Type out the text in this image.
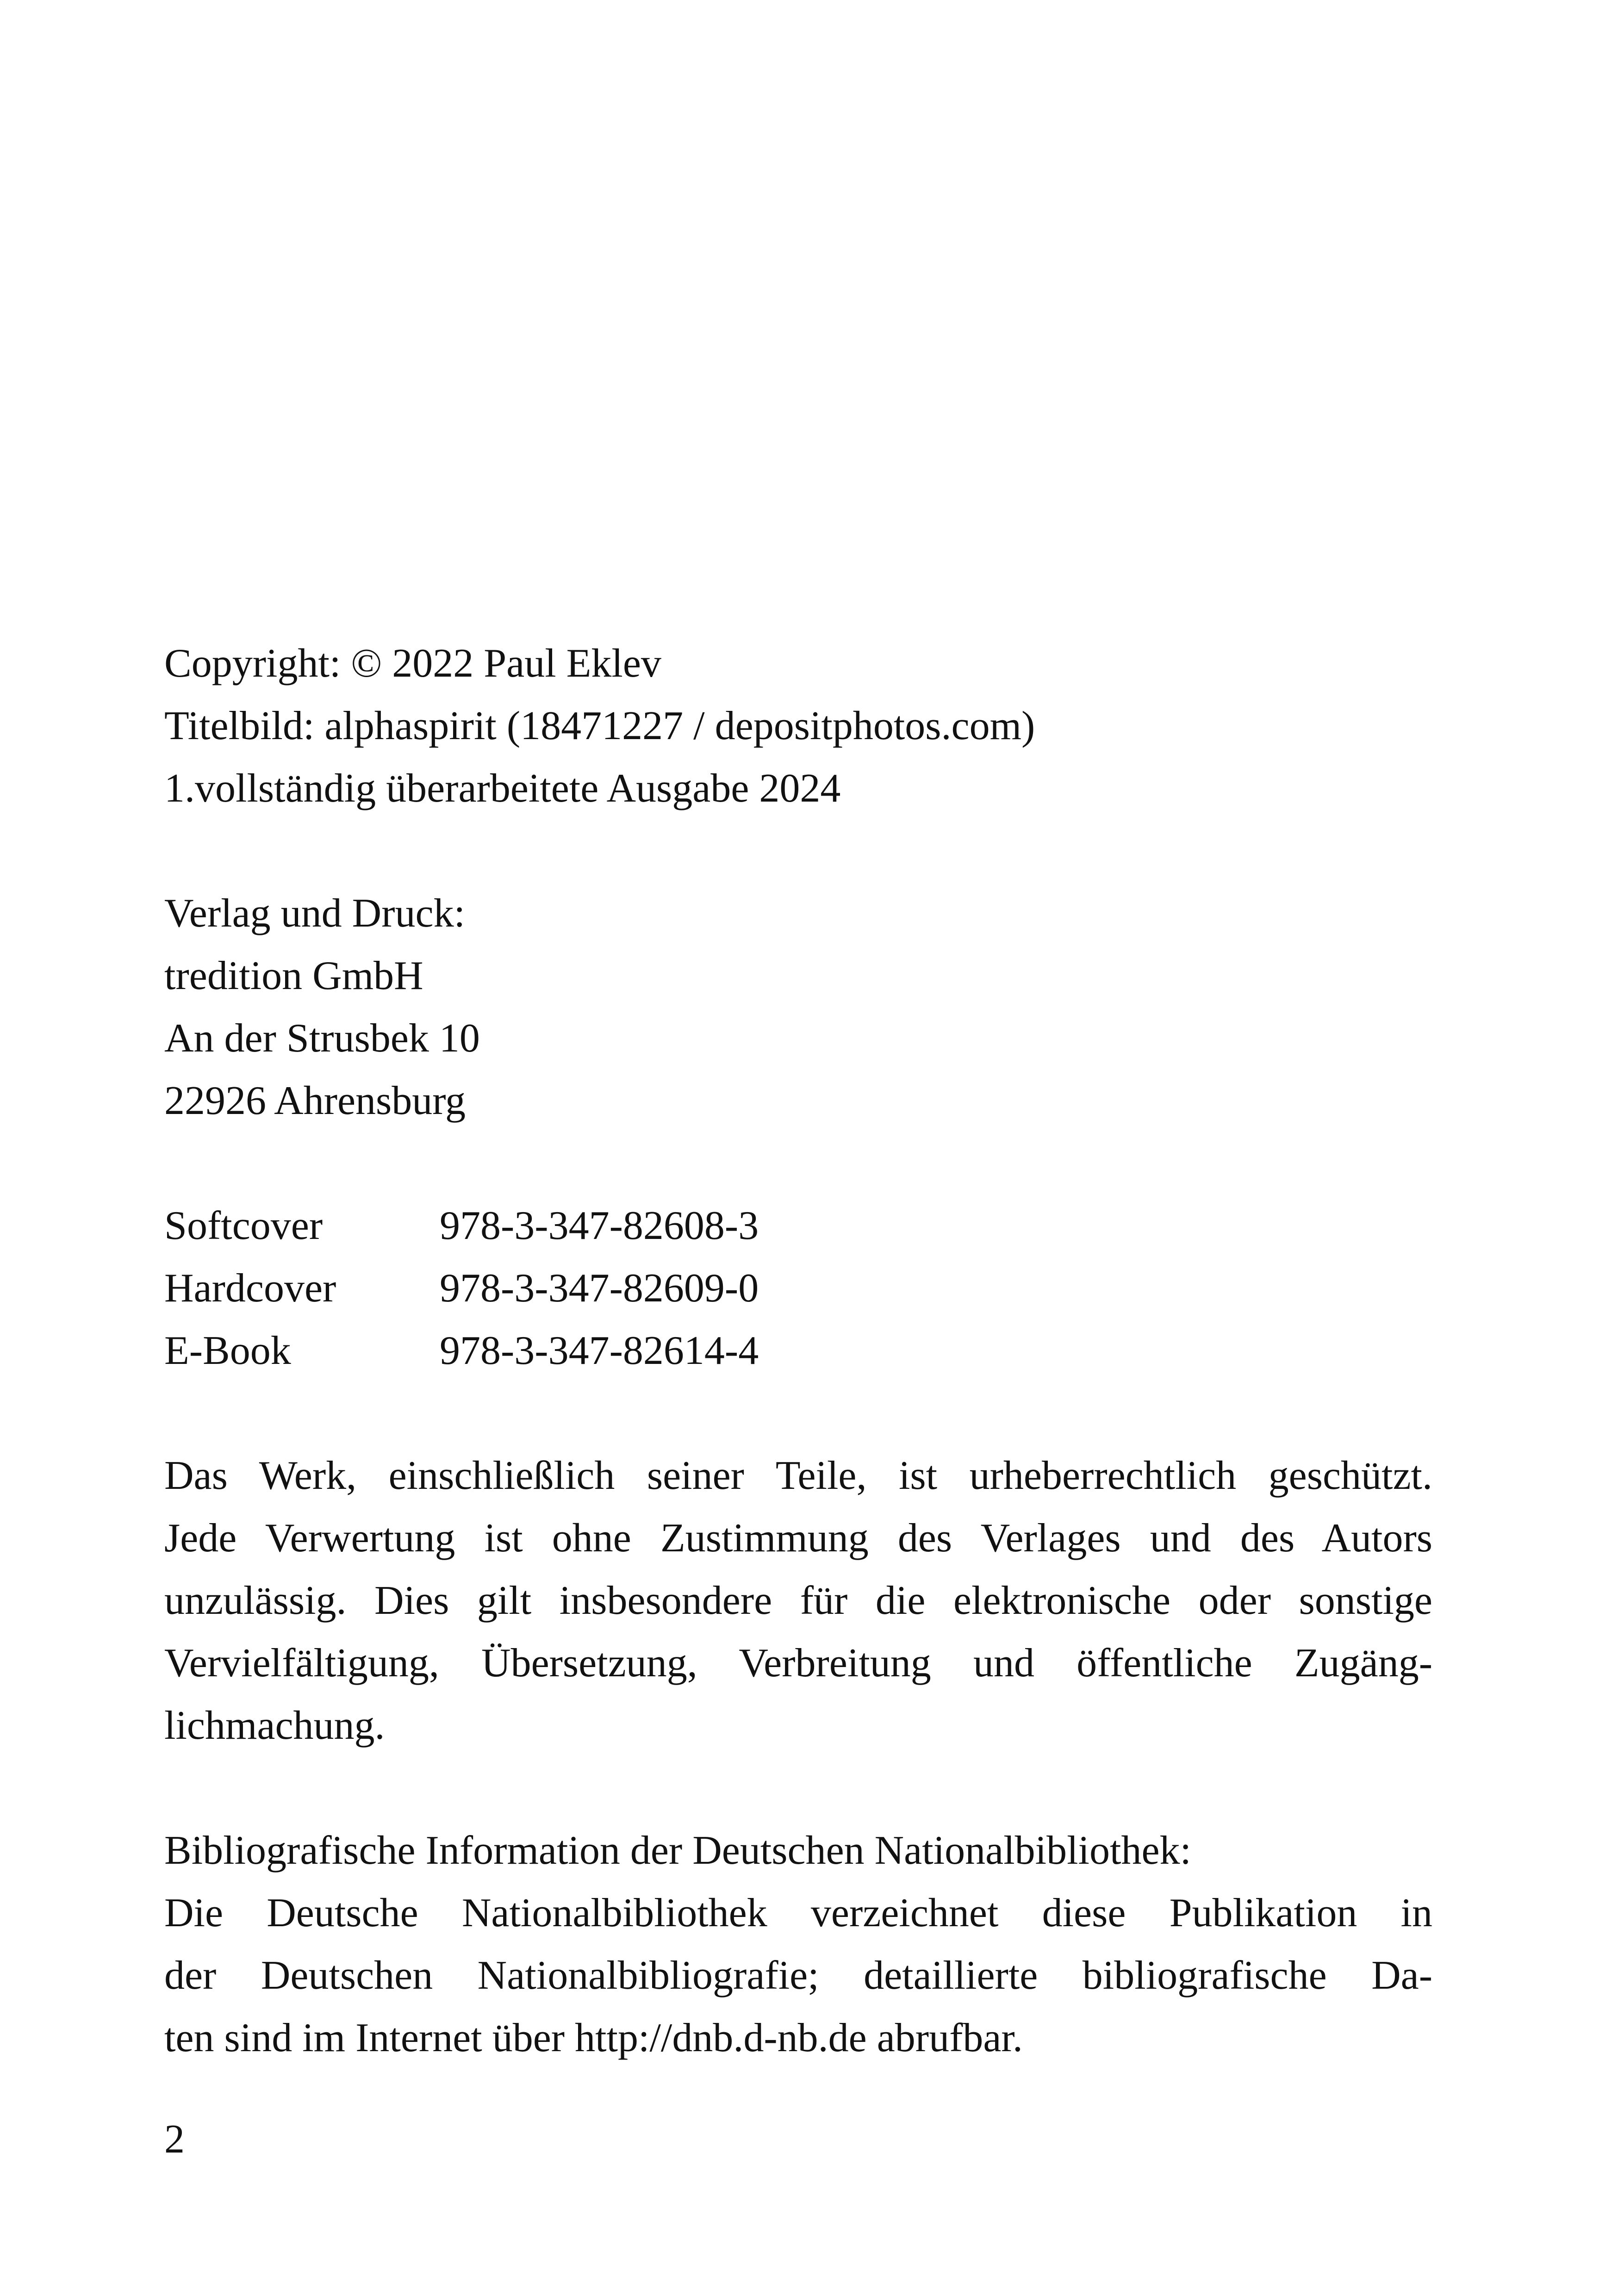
Copyright: © 2022 Paul Eklev

Titelbild: alphaspirit (18471227 / depositphotos.com)

1.vollständig überarbeitete Ausgabe 2024

Verlag und Druck:

tredition GmbH

An der Strusbek 10

22926 Ahrensburg

Softcover	978-3-347-82608-3
Hardcover	978-3-347-82609-0
E-Book	978-3-347-82614-4

Das Werk, einschließlich seiner Teile, ist urheberrechtlich geschützt.

Jede Verwertung ist ohne Zustimmung des Verlages und des Autors

unzulässig. Dies gilt insbesondere für die elektronische oder sonstige

Vervielfältigung, Übersetzung, Verbreitung und öffentliche Zugäng-

lichmachung.

Bibliografische Information der Deutschen Nationalbibliothek:

Die Deutsche Nationalbibliothek verzeichnet diese Publikation in

der Deutschen Nationalbibliografie; detaillierte bibliografische Da-

ten sind im Internet über http://dnb.d-nb.de abrufbar.

2
